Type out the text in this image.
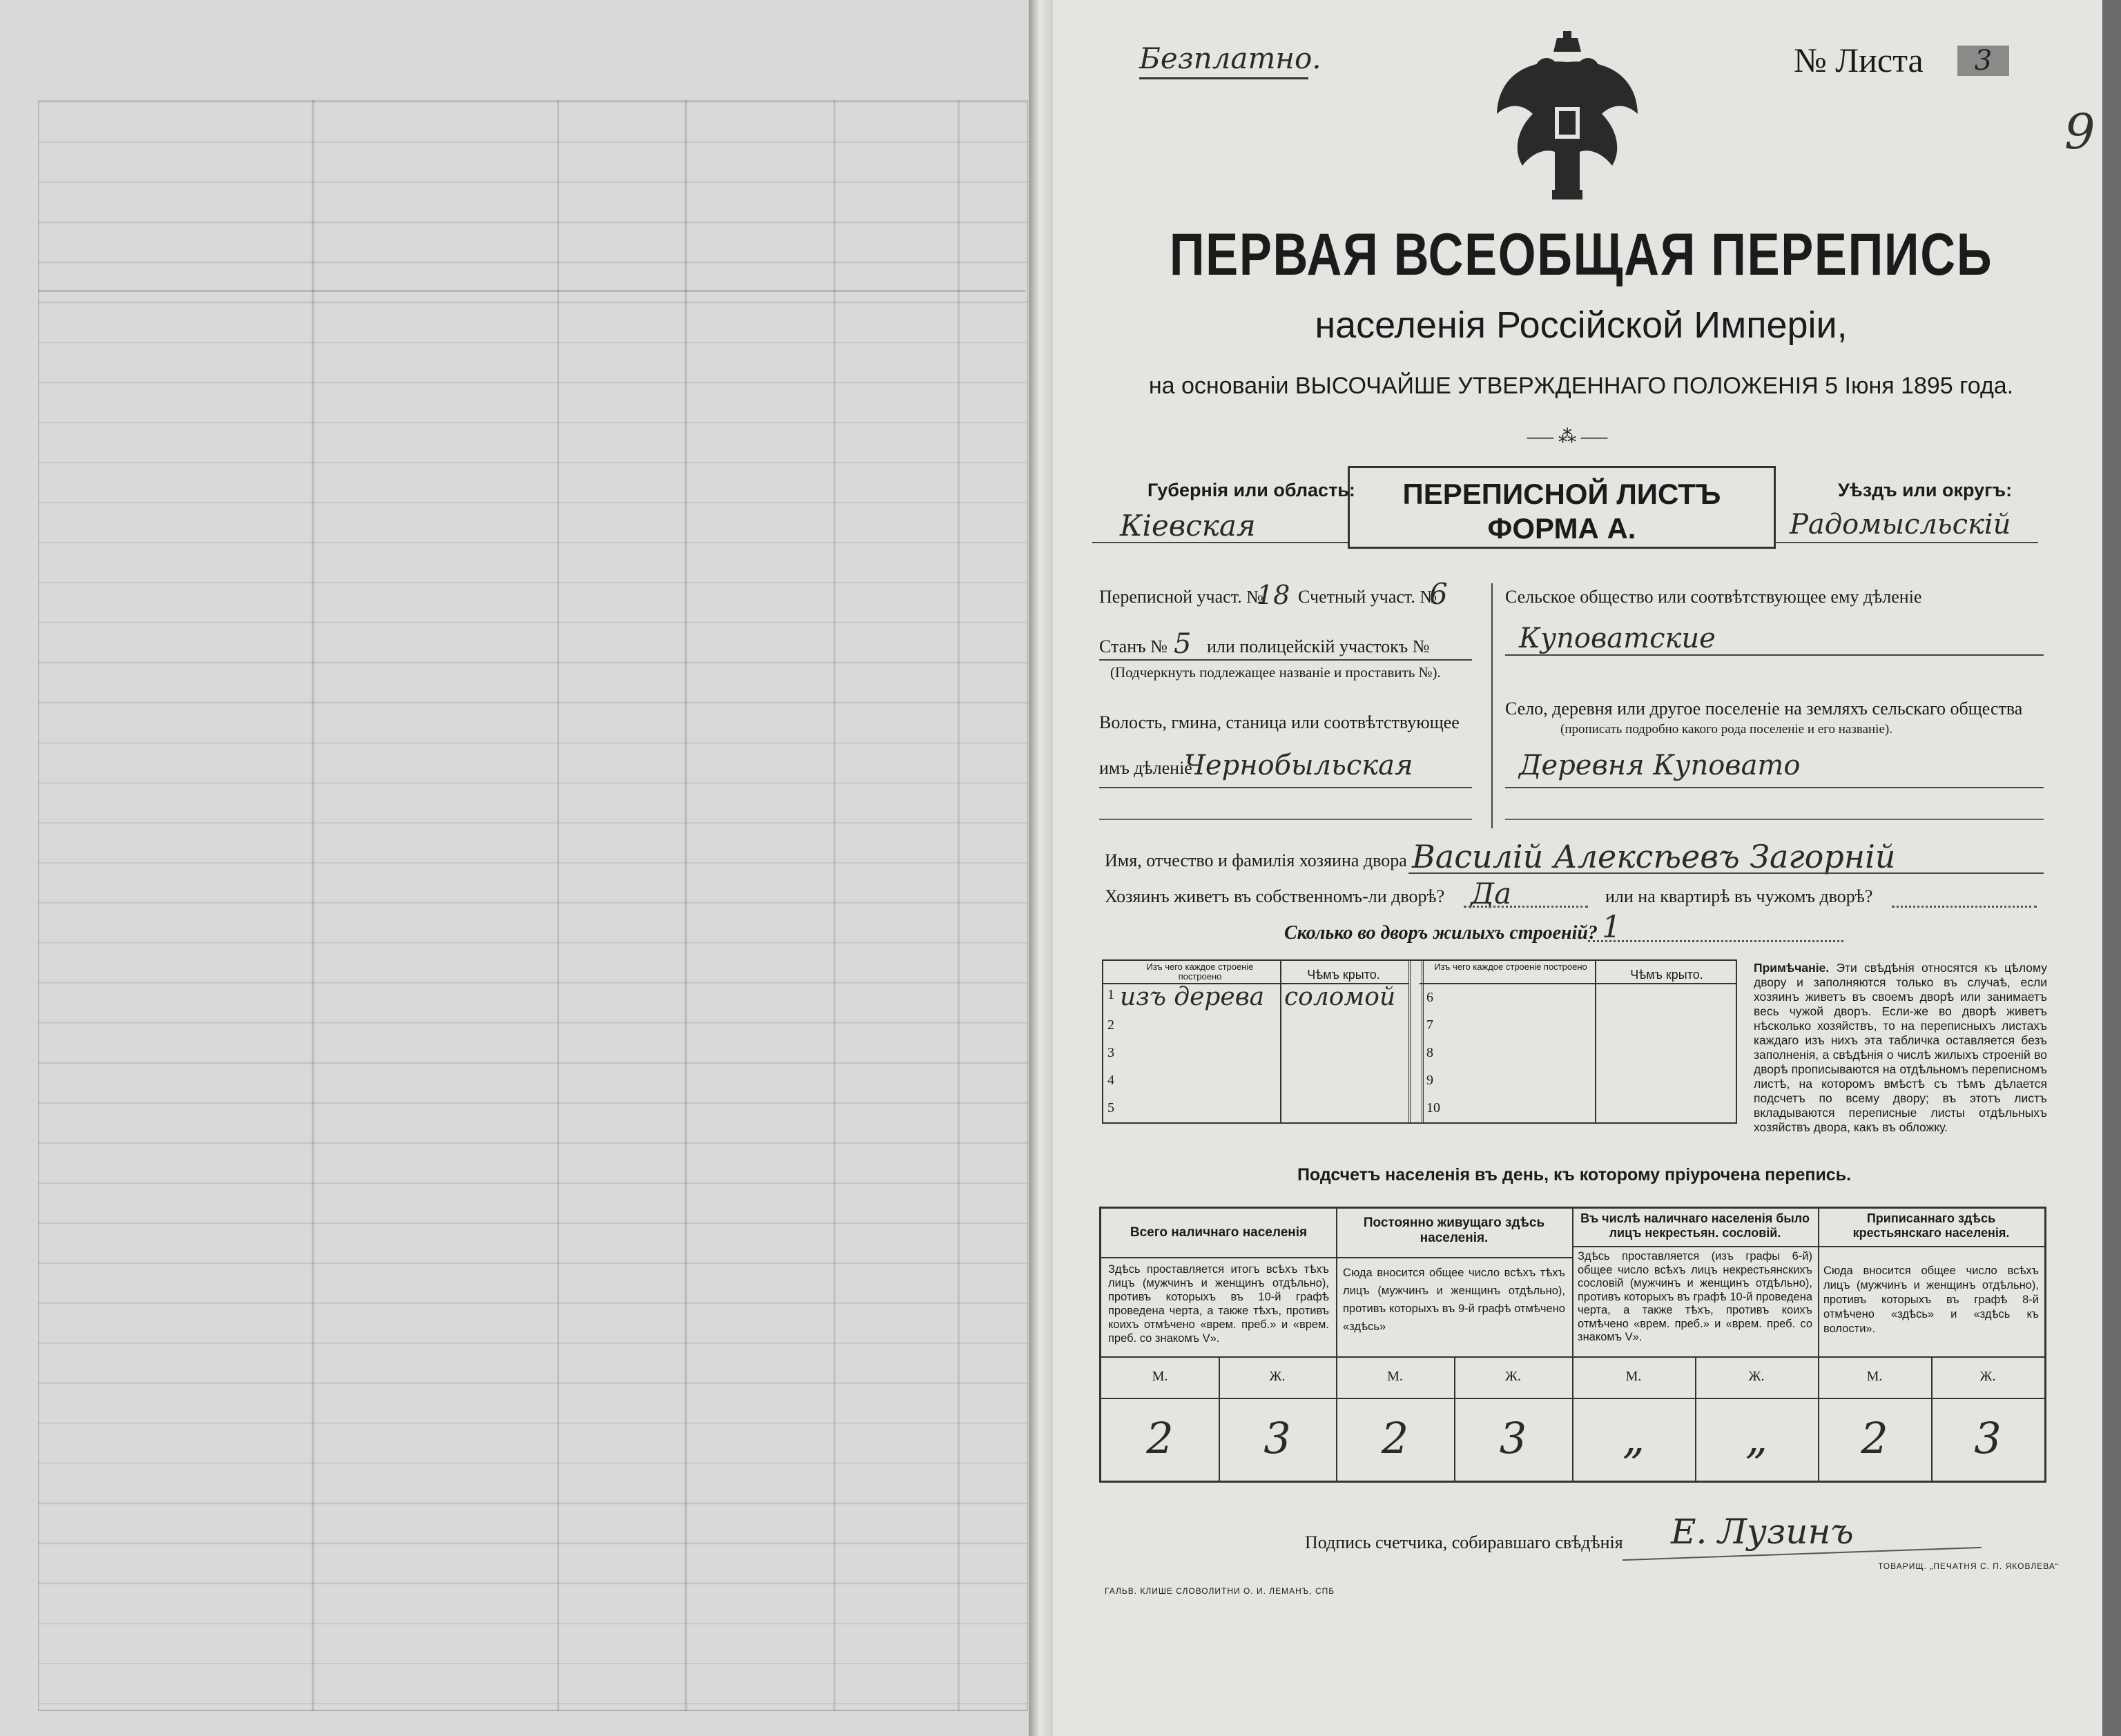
Безплатно.	№ Листа	3
9
ПЕРВАЯ ВСЕОБЩАЯ ПЕРЕПИСЬ
населенія Россійской Имперіи,
на основаніи ВЫСОЧАЙШЕ УТВЕРЖДЕННАГО ПОЛОЖЕНІЯ 5 Іюня 1895 года.
⎯⎯⎯ ⁂ ⎯⎯⎯
Губернія или область:
Кіевская
ПЕРЕПИСНОЙ ЛИСТЪ
ФОРМА А.
Уѣздъ или округъ:
Радомысльскій
Переписной участ. №
18 Счетный участ. №
6
Станъ № 5 или полицейскій участокъ №
(Подчеркнуть подлежащее названіе и проставить №).
Волость, гмина, станица или соотвѣтствующее
имъ дѣленіе
Чернобыльская
Сельское общество или соотвѣтствующее ему дѣленіе
Куповатские
Село, деревня или другое поселеніе на земляхъ сельскаго общества
(прописать подробно какого рода поселеніе и его названіе).
Деревня Куповато
Имя, отчество и фамилія хозяина двора Василій Алексѣевъ Загорній
Хозяинъ живетъ въ собственномъ-ли дворѣ? Да	или на квартирѣ въ чужомъ дворѣ?
Сколько во дворъ жилыхъ строеній? 1
Изъ чего каждое строеніе построено	Чѣмъ крыто.
1 изъ дерева соломой
2
3
4
5
Изъ чего каждое строеніе построено
Чѣмъ крыто.
6
7
8
9
10
Примѣчаніе. Эти свѣдѣнія относятся къ цѣлому двору и заполняются только въ случаѣ, если хозяинъ живетъ въ своемъ дворѣ или занимаетъ весь чужой дворъ. Если-же во дворѣ живетъ нѣсколько хозяйствъ, то на переписныхъ листахъ каждаго изъ нихъ эта табличка оставляется безъ заполненія, а свѣдѣнія о числѣ жилыхъ строеній во дворѣ прописываются на отдѣльномъ переписномъ листѣ, на которомъ вмѣстѣ съ тѣмъ дѣлается подсчетъ по всему двору; въ этотъ листъ вкладываются переписные листы отдѣльныхъ хозяйствъ двора, какъ въ обложку.
Подсчетъ населенія въ день, къ которому пріурочена перепись.
Всего наличнаго населенія
Здѣсь проставляется итогъ всѣхъ тѣхъ лицъ (мужчинъ и женщинъ отдѣльно), противъ которыхъ въ 10-й графѣ проведена черта, а также тѣхъ, противъ коихъ отмѣчено «врем. преб.» и «врем. преб. со знакомъ V».
Постоянно живущаго здѣсь населенія.
Сюда вносится общее число всѣхъ тѣхъ лицъ (мужчинъ и женщинъ отдѣльно), противъ которыхъ въ 9-й графѣ отмѣчено «здѣсь»
Въ числѣ наличнаго населенія было лицъ некрестьян. сословій.
Здѣсь проставляется (изъ графы 6-й) общее число всѣхъ лицъ некрестьянскихъ сословій (мужчинъ и женщинъ отдѣльно), противъ которыхъ въ графѣ 10-й проведена черта, а также тѣхъ, противъ коихъ отмѣчено «врем. преб.» и «врем. преб. со знакомъ V».
Приписаннаго здѣсь крестьянскаго населенія.
Сюда вносится общее число всѣхъ лицъ (мужчинъ и женщинъ отдѣльно), противъ которыхъ въ графѣ 8-й отмѣчено «здѣсь» и «здѣсь къ волости».
М.	Ж.	М.	Ж.	М.	Ж.	М.	Ж.
2	3	2	3	„	„	2	3
Подпись счетчика, собиравшаго свѣдѣнія Е. Лузинъ
ГАЛЬВ. КЛИШЕ СЛОВОЛИТНИ О. И. ЛЕМАНЪ, СПБ
ТОВАРИЩ. „ПЕЧАТНЯ С. П. ЯКОВЛЕВА“
